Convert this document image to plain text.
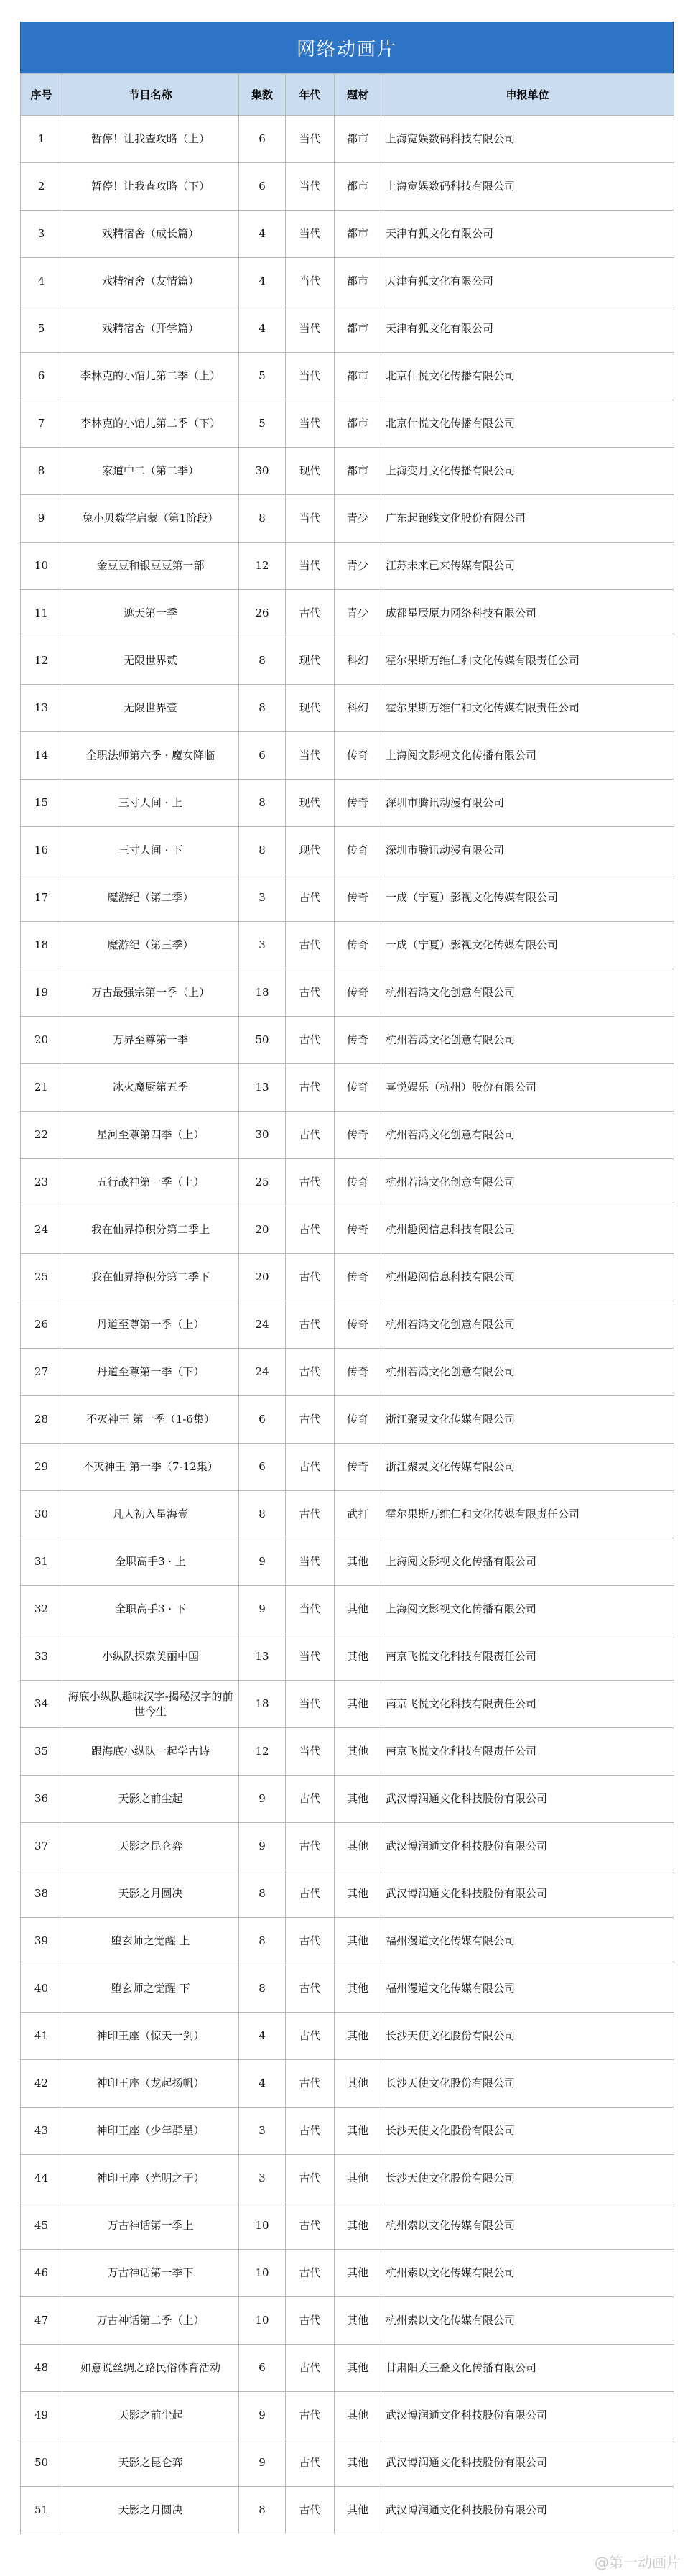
网络动画片
序号	节目名称	集数	年代	题材	申报单位
1	暂停！让我查攻略（上）	6	当代	都市	上海宽娱数码科技有限公司
2	暂停！让我查攻略（下）	6	当代	都市	上海宽娱数码科技有限公司
3	戏精宿舍（成长篇）	4	当代	都市	天津有狐文化有限公司
4	戏精宿舍（友情篇）	4	当代	都市	天津有狐文化有限公司
5	戏精宿舍（开学篇）	4	当代	都市	天津有狐文化有限公司
6	李林克的小馆儿第二季（上）	5	当代	都市	北京什悦文化传播有限公司
7	李林克的小馆儿第二季（下）	5	当代	都市	北京什悦文化传播有限公司
8	家道中二（第二季）	30	现代	都市	上海变月文化传播有限公司
9	兔小贝数学启蒙（第1阶段）	8	当代	青少	广东起跑线文化股份有限公司
10	金豆豆和银豆豆第一部	12	当代	青少	江苏未来已来传媒有限公司
11	遮天第一季	26	古代	青少	成都星辰原力网络科技有限公司
12	无限世界贰	8	现代	科幻	霍尔果斯万维仁和文化传媒有限责任公司
13	无限世界壹	8	现代	科幻	霍尔果斯万维仁和文化传媒有限责任公司
14	全职法师第六季 · 魔女降临	6	当代	传奇	上海阅文影视文化传播有限公司
15	三寸人间 · 上	8	现代	传奇	深圳市腾讯动漫有限公司
16	三寸人间 · 下	8	现代	传奇	深圳市腾讯动漫有限公司
17	魔游纪（第二季）	3	古代	传奇	一成（宁夏）影视文化传媒有限公司
18	魔游纪（第三季）	3	古代	传奇	一成（宁夏）影视文化传媒有限公司
19	万古最强宗第一季（上）	18	古代	传奇	杭州若鸿文化创意有限公司
20	万界至尊第一季	50	古代	传奇	杭州若鸿文化创意有限公司
21	冰火魔厨第五季	13	古代	传奇	喜悦娱乐（杭州）股份有限公司
22	星河至尊第四季（上）	30	古代	传奇	杭州若鸿文化创意有限公司
23	五行战神第一季（上）	25	古代	传奇	杭州若鸿文化创意有限公司
24	我在仙界挣积分第二季上	20	古代	传奇	杭州趣阅信息科技有限公司
25	我在仙界挣积分第二季下	20	古代	传奇	杭州趣阅信息科技有限公司
26	丹道至尊第一季（上）	24	古代	传奇	杭州若鸿文化创意有限公司
27	丹道至尊第一季（下）	24	古代	传奇	杭州若鸿文化创意有限公司
28	不灭神王 第一季（1-6集）	6	古代	传奇	浙江聚灵文化传媒有限公司
29	不灭神王 第一季（7-12集）	6	古代	传奇	浙江聚灵文化传媒有限公司
30	凡人初入星海壹	8	古代	武打	霍尔果斯万维仁和文化传媒有限责任公司
31	全职高手3 · 上	9	当代	其他	上海阅文影视文化传播有限公司
32	全职高手3 · 下	9	当代	其他	上海阅文影视文化传播有限公司
33	小纵队探索美丽中国	13	当代	其他	南京飞悦文化科技有限责任公司
34	海底小纵队趣味汉字-揭秘汉字的前世今生	18	当代	其他	南京飞悦文化科技有限责任公司
35	跟海底小纵队一起学古诗	12	当代	其他	南京飞悦文化科技有限责任公司
36	天影之前尘起	9	古代	其他	武汉博润通文化科技股份有限公司
37	天影之昆仑弈	9	古代	其他	武汉博润通文化科技股份有限公司
38	天影之月圆决	8	古代	其他	武汉博润通文化科技股份有限公司
39	堕玄师之觉醒 上	8	古代	其他	福州漫道文化传媒有限公司
40	堕玄师之觉醒 下	8	古代	其他	福州漫道文化传媒有限公司
41	神印王座（惊天一剑）	4	古代	其他	长沙天使文化股份有限公司
42	神印王座（龙起扬帆）	4	古代	其他	长沙天使文化股份有限公司
43	神印王座（少年群星）	3	古代	其他	长沙天使文化股份有限公司
44	神印王座（光明之子）	3	古代	其他	长沙天使文化股份有限公司
45	万古神话第一季上	10	古代	其他	杭州索以文化传媒有限公司
46	万古神话第一季下	10	古代	其他	杭州索以文化传媒有限公司
47	万古神话第二季（上）	10	古代	其他	杭州索以文化传媒有限公司
48	如意说丝绸之路民俗体育活动	6	古代	其他	甘肃阳关三叠文化传播有限公司
49	天影之前尘起	9	古代	其他	武汉博润通文化科技股份有限公司
50	天影之昆仑弈	9	古代	其他	武汉博润通文化科技股份有限公司
51	天影之月圆决	8	古代	其他	武汉博润通文化科技股份有限公司
@第一动画片
